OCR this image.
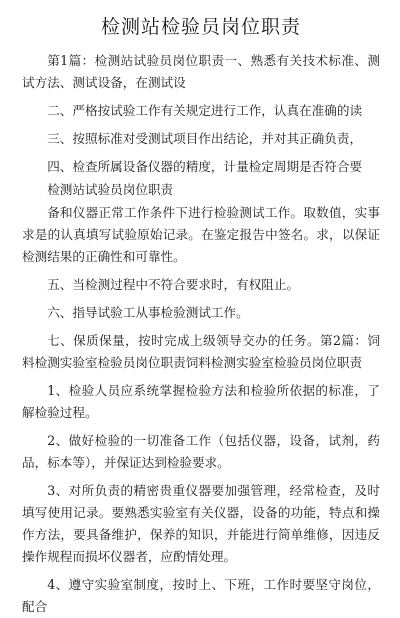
检测站检验员岗位职责

第1篇：检测站试验员岗位职责一、熟悉有关技术标准、测试方法、测试设备，在测试设

二、严格按试验工作有关规定进行工作，认真在准确的读

三、按照标准对受测试项目作出结论，并对其正确负责，

四、检查所属设备仪器的精度，计量检定周期是否符合要

检测站试验员岗位职责

备和仪器正常工作条件下进行检验测试工作。取数值，实事求是的认真填写试验原始记录。在鉴定报告中签名。求，以保证检测结果的正确性和可靠性。

五、当检测过程中不符合要求时，有权阻止。

六、指导试验工从事检验测试工作。

七、保质保量，按时完成上级领导交办的任务。第2篇：饲料检测实验室检验员岗位职责饲料检测实验室检验员岗位职责

1、检验人员应系统掌握检验方法和检验所依据的标准，了解检验过程。

2、做好检验的一切准备工作（包括仪器，设备，试剂，药品，标本等），并保证达到检验要求。

3、对所负责的精密贵重仪器要加强管理，经常检查，及时填写使用记录。要熟悉实验室有关仪器，设备的功能，特点和操作方法，要具备维护，保养的知识，并能进行简单维修，因违反操作规程而损坏仪器者，应酌情处理。

4、遵守实验室制度，按时上、下班，工作时要坚守岗位，配合
